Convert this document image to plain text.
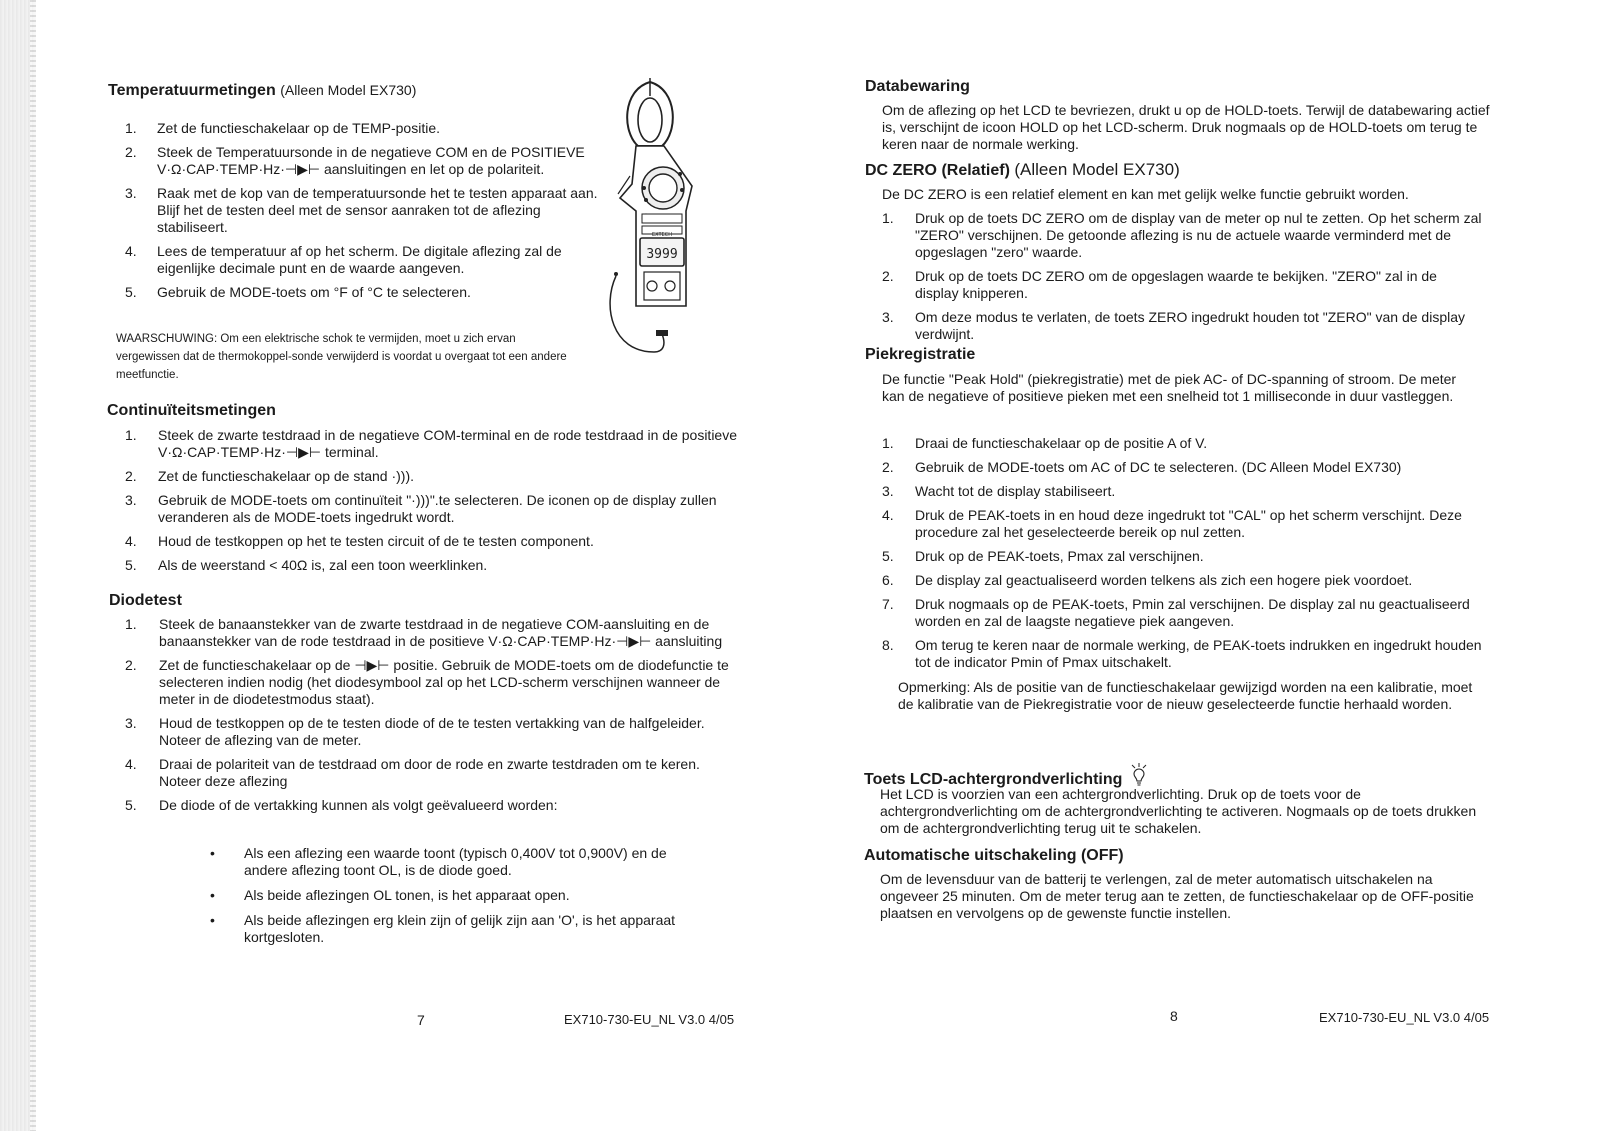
Temperatuurmetingen (Alleen Model EX730)
1.	Zet de functieschakelaar op de TEMP-positie.
2.	Steek de Temperatuursonde in de negatieve COM en de POSITIEVE V·Ω·CAP·TEMP·Hz·⊣▶⊢ aansluitingen en let op de polariteit.
3.	Raak met de kop van de temperatuursonde het te testen apparaat aan. Blijf het de testen deel met de sensor aanraken tot de aflezing stabiliseert.
4.	Lees de temperatuur af op het scherm. De digitale aflezing zal de eigenlijke decimale punt en de waarde aangeven.
5.	Gebruik de MODE-toets om °F of °C te selecteren.

WAARSCHUWING: Om een elektrische schok te vermijden, moet u zich ervan vergewissen dat de thermokoppel-sonde verwijderd is voordat u overgaat tot een andere meetfunctie.

3999
EXTECH
Continuïteitsmetingen
1.	Steek de zwarte testdraad in de negatieve COM-terminal en de rode testdraad in de positieve V·Ω·CAP·TEMP·Hz·⊣▶⊢ terminal.
2.	Zet de functieschakelaar op de stand ·))).
3.	Gebruik de MODE-toets om continuïteit "·)))".te selecteren. De iconen op de display zullen veranderen als de MODE-toets ingedrukt wordt.
4.	Houd de testkoppen op het te testen circuit of de te testen component.
5.	Als de weerstand < 40Ω is, zal een toon weerklinken.
Diodetest
1.	Steek de banaanstekker van de zwarte testdraad in de negatieve COM-aansluiting en de banaanstekker van de rode testdraad in de positieve V·Ω·CAP·TEMP·Hz·⊣▶⊢ aansluiting
2.	Zet de functieschakelaar op de ⊣▶⊢ positie. Gebruik de MODE-toets om de diodefunctie te selecteren indien nodig (het diodesymbool zal op het LCD-scherm verschijnen wanneer de meter in de diodetestmodus staat).
3.	Houd de testkoppen op de te testen diode of de te testen vertakking van de halfgeleider. Noteer de aflezing van de meter.
4.	Draai de polariteit van de testdraad om door de rode en zwarte testdraden om te keren. Noteer deze aflezing
5.	De diode of de vertakking kunnen als volgt geëvalueerd worden:
• Als een aflezing een waarde toont (typisch 0,400V tot 0,900V) en de andere aflezing toont OL, is de diode goed.
• Als beide aflezingen OL tonen, is het apparaat open.
• Als beide aflezingen erg klein zijn of gelijk zijn aan 'O', is het apparaat kortgesloten.
7	EX710-730-EU_NL V3.0 4/05
Databewaring

Om de aflezing op het LCD te bevriezen, drukt u op de HOLD-toets. Terwijl de databewaring actief is, verschijnt de icoon HOLD op het LCD-scherm. Druk nogmaals op de HOLD-toets om terug te keren naar de normale werking.

DC ZERO (Relatief) (Alleen Model EX730)

De DC ZERO is een relatief element en kan met gelijk welke functie gebruikt worden.

1.	Druk op de toets DC ZERO om de display van de meter op nul te zetten. Op het scherm zal "ZERO" verschijnen. De getoonde aflezing is nu de actuele waarde verminderd met de opgeslagen "zero" waarde.
2.	Druk op de toets DC ZERO om de opgeslagen waarde te bekijken. "ZERO" zal in de display knipperen.
3.	Om deze modus te verlaten, de toets ZERO ingedrukt houden tot "ZERO" van de display verdwijnt.
Piekregistratie

De functie "Peak Hold" (piekregistratie) met de piek AC- of DC-spanning of stroom. De meter kan de negatieve of positieve pieken met een snelheid tot 1 milliseconde in duur vastleggen.

1.	Draai de functieschakelaar op de positie A of V.
2.	Gebruik de MODE-toets om AC of DC te selecteren. (DC Alleen Model EX730)
3.	Wacht tot de display stabiliseert.
4.	Druk de PEAK-toets in en houd deze ingedrukt tot "CAL" op het scherm verschijnt. Deze procedure zal het geselecteerde bereik op nul zetten.
5.	Druk op de PEAK-toets, Pmax zal verschijnen.
6.	De display zal geactualiseerd worden telkens als zich een hogere piek voordoet.
7.	Druk nogmaals op de PEAK-toets, Pmin zal verschijnen. De display zal nu geactualiseerd worden en zal de laagste negatieve piek aangeven.
8.	Om terug te keren naar de normale werking, de PEAK-toets indrukken en ingedrukt houden tot de indicator Pmin of Pmax uitschakelt.

Opmerking: Als de positie van de functieschakelaar gewijzigd worden na een kalibratie, moet de kalibratie van de Piekregistratie voor de nieuw geselecteerde functie herhaald worden.

Toets LCD-achtergrondverlichting

Het LCD is voorzien van een achtergrondverlichting. Druk op de toets voor de achtergrondverlichting om de achtergrondverlichting te activeren. Nogmaals op de toets drukken om de achtergrondverlichting terug uit te schakelen.

Automatische uitschakeling (OFF)

Om de levensduur van de batterij te verlengen, zal de meter automatisch uitschakelen na ongeveer 25 minuten. Om de meter terug aan te zetten, de functieschakelaar op de OFF-positie plaatsen en vervolgens op de gewenste functie instellen.

8	EX710-730-EU_NL V3.0 4/05
